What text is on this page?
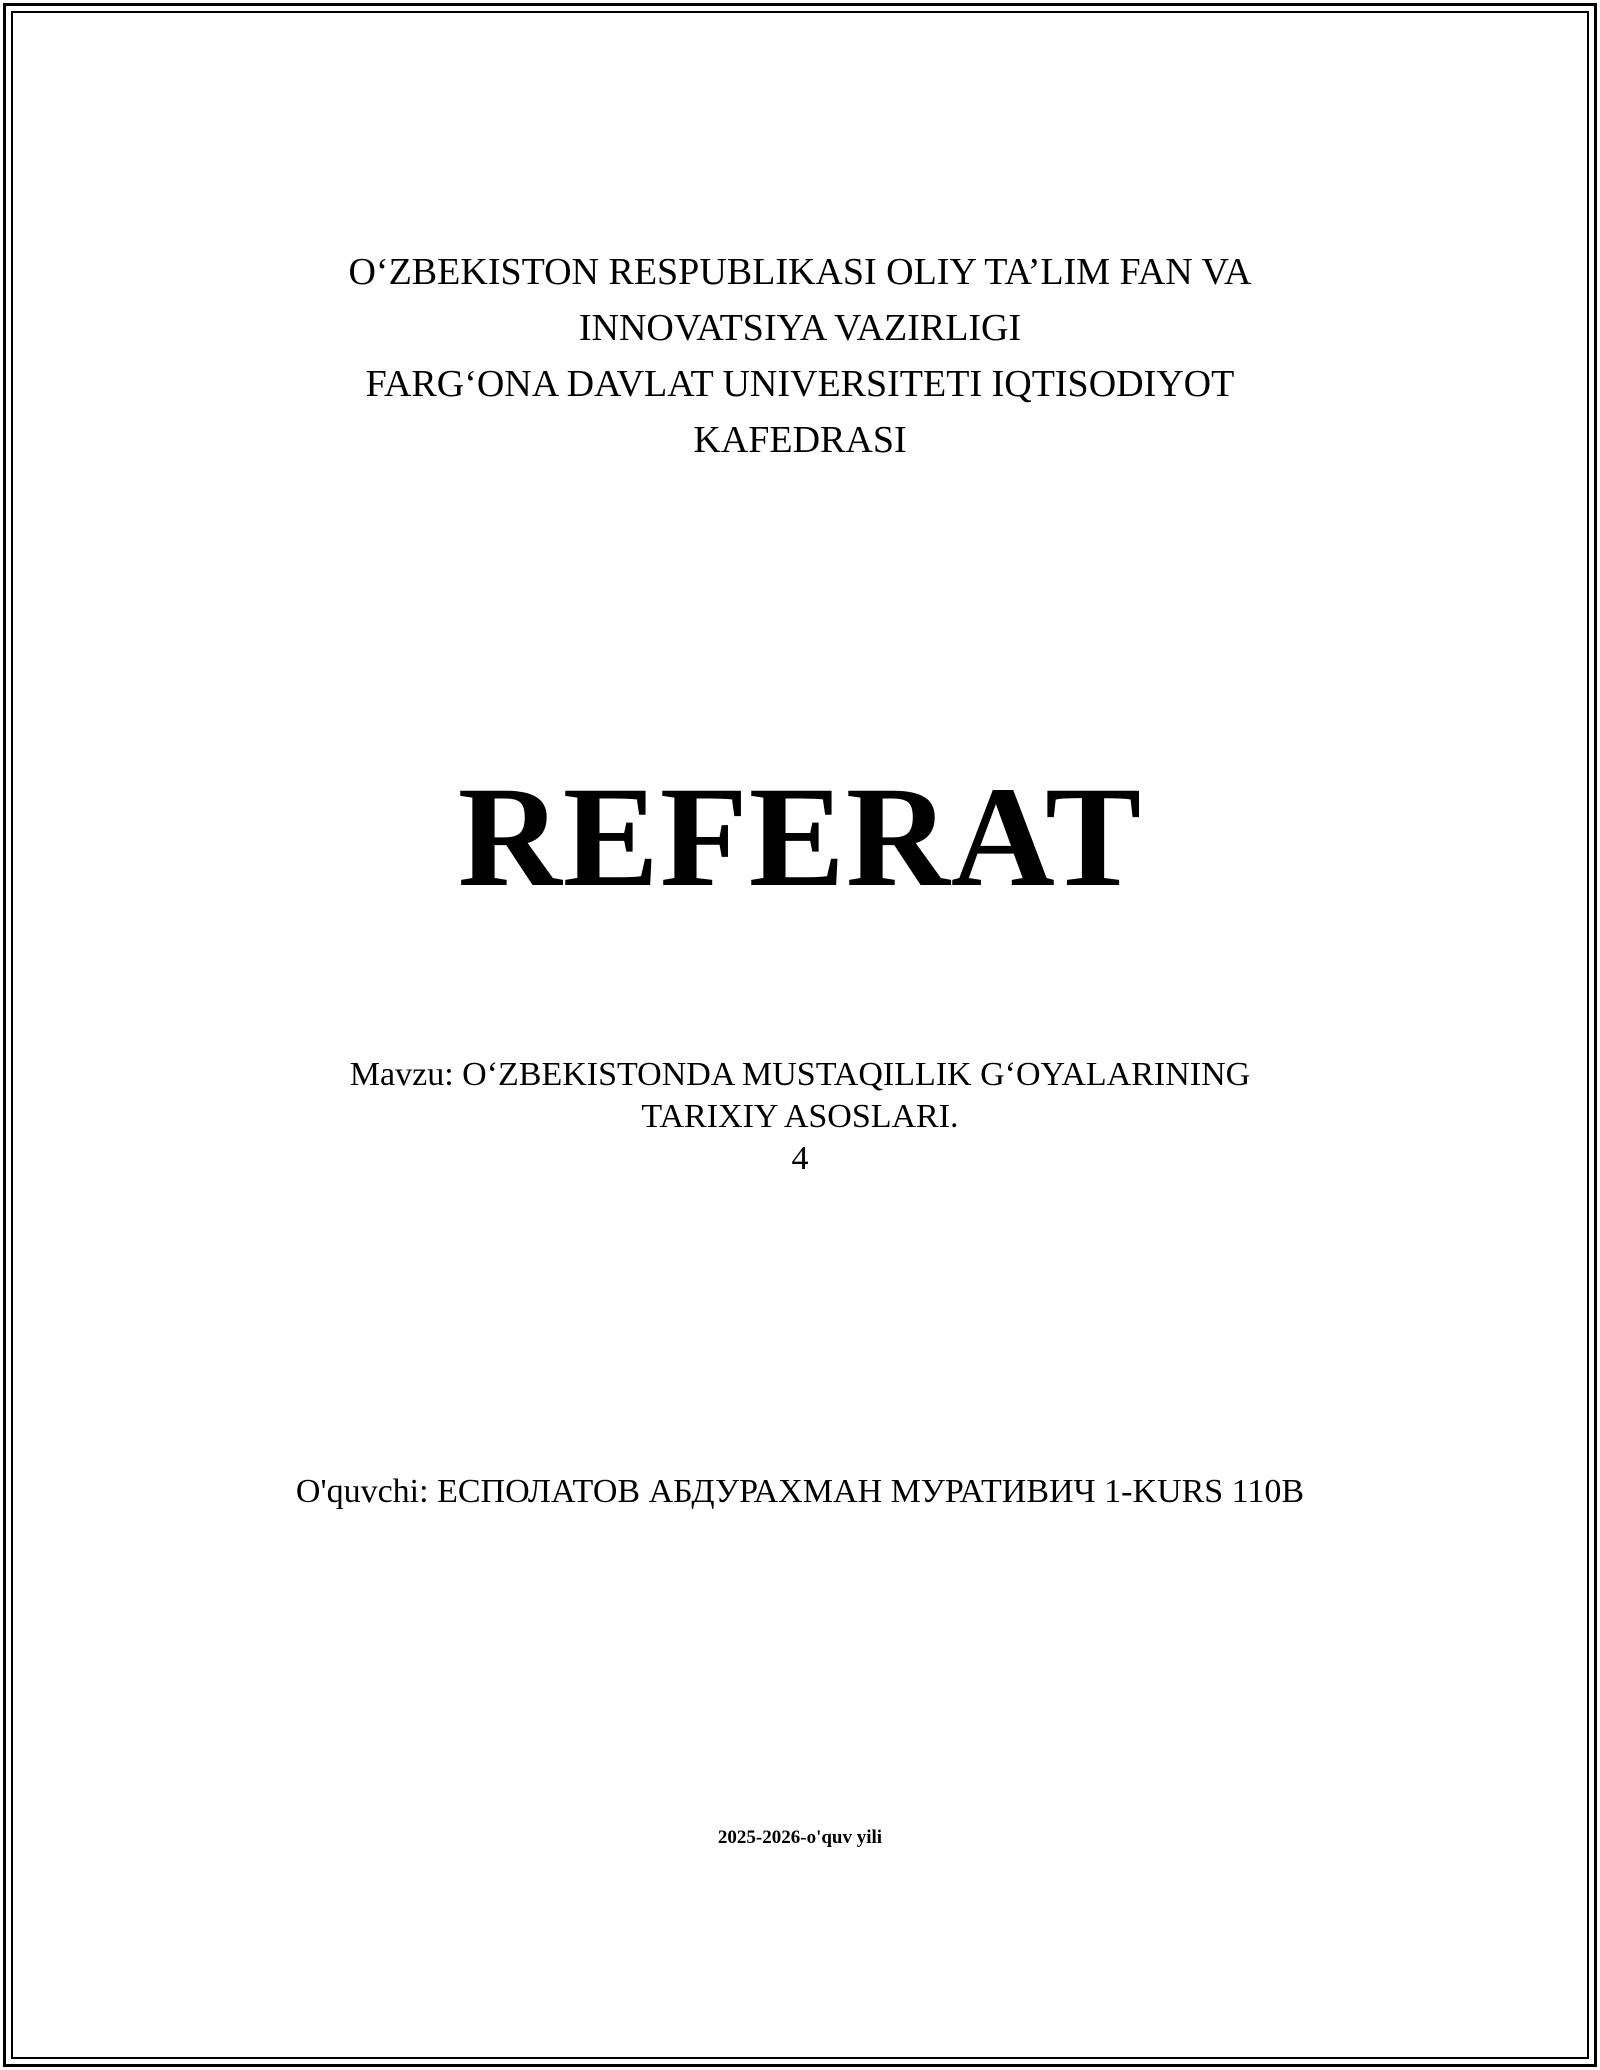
O‘ZBEKISTON RESPUBLIKASI OLIY TA’LIM FAN VA
INNOVATSIYA VAZIRLIGI
FARG‘ONA DAVLAT UNIVERSITETI IQTISODIYOT
KAFEDRASI
REFERAT
Mavzu: O‘ZBEKISTONDA MUSTAQILLIK G‘OYALARINING
TARIXIY ASOSLARI.
4
O'quvchi: ЕСПОЛАТОВ АБДУРАХМАН МУРАТИВИЧ 1-KURS 110B
2025-2026-o'quv yili
